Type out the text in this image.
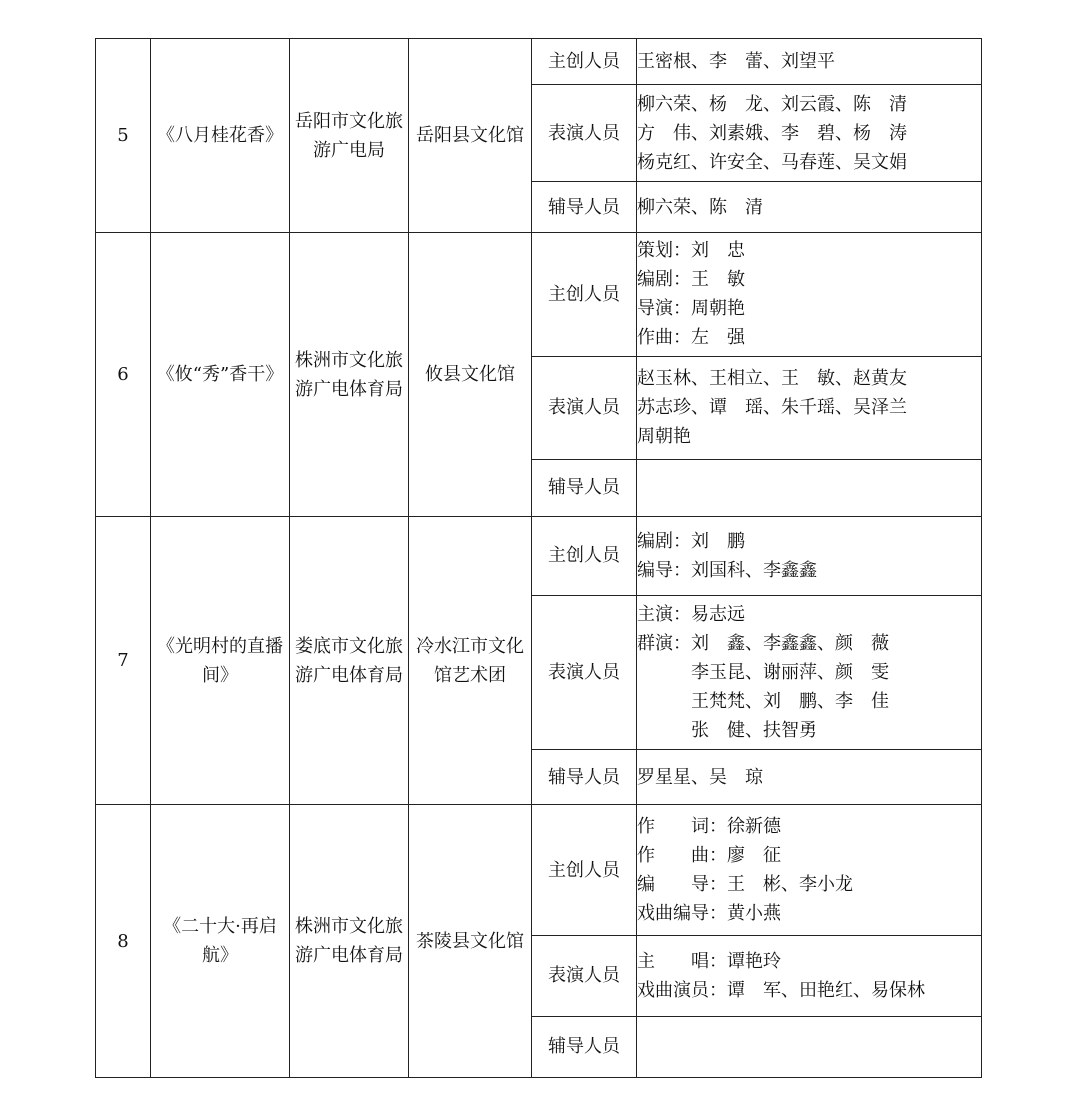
5	《八月桂花香》	岳阳市文化旅游广电局	岳阳县文化馆	主创人员	王密根、李　蕾、刘望平

				表演人员	柳六荣、杨　龙、刘云霞、陈　清
方　伟、刘素娥、李　碧、杨　涛
杨克红、许安全、马春莲、吴文娟

				辅导人员	柳六荣、陈　清

6	《攸“秀”香干》	株洲市文化旅游广电体育局	攸县文化馆	主创人员	策划：刘　忠
编剧：王　敏
导演：周朝艳
作曲：左　强

				表演人员	赵玉林、王相立、王　敏、赵黄友
苏志珍、谭　瑶、朱千瑶、吴泽兰
周朝艳

				辅导人员	
7	《光明村的直播间》	娄底市文化旅游广电体育局	冷水江市文化馆艺术团	主创人员	编剧：刘　鹏
编导：刘国科、李鑫鑫

				表演人员	主演：易志远
群演：刘　鑫、李鑫鑫、颜　薇
　　　李玉昆、谢丽萍、颜　雯
　　　王梵梵、刘　鹏、李　佳
　　　张　健、扶智勇

				辅导人员	罗星星、吴　琼

8	《二十大·再启航》	株洲市文化旅游广电体育局	茶陵县文化馆	主创人员	作　　词：徐新德
作　　曲：廖　征
编　　导：王　彬、李小龙
戏曲编导：黄小燕

				表演人员	主　　唱：谭艳玲
戏曲演员：谭　军、田艳红、易保林

				辅导人员	
